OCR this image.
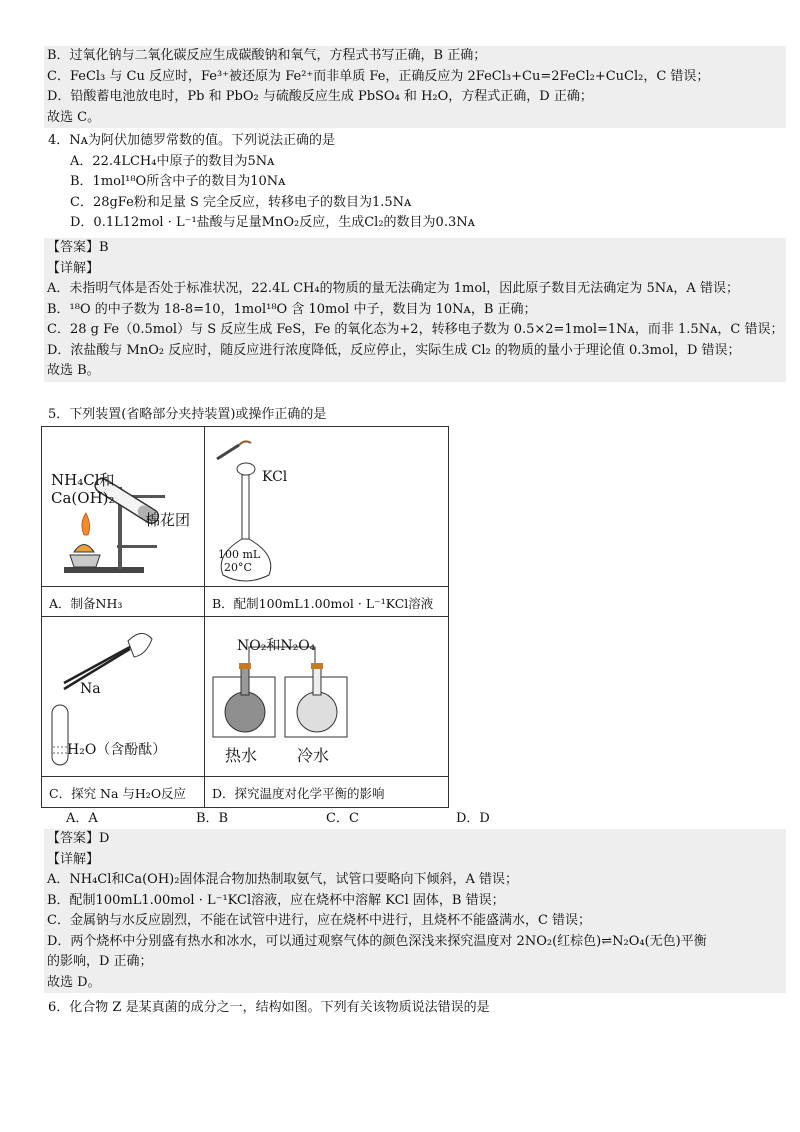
B．过氧化钠与二氧化碳反应生成碳酸钠和氧气，方程式书写正确，B 正确；
C．FeCl₃ 与 Cu 反应时，Fe³⁺被还原为 Fe²⁺而非单质 Fe，正确反应为 2FeCl₃+Cu=2FeCl₂+CuCl₂，C 错误；
D．铅酸蓄电池放电时，Pb 和 PbO₂ 与硫酸反应生成 PbSO₄ 和 H₂O，方程式正确，D 正确；
故选 C。
4．Nᴀ为阿伏加德罗常数的值。下列说法正确的是
A．22.4LCH₄中原子的数目为5Nᴀ
B．1mol¹⁸O所含中子的数目为10Nᴀ
C．28gFe粉和足量 S 完全反应，转移电子的数目为1.5Nᴀ
D．0.1L12mol · L⁻¹盐酸与足量MnO₂反应，生成Cl₂的数目为0.3Nᴀ
【答案】B
【详解】
A．未指明气体是否处于标准状况，22.4L CH₄的物质的量无法确定为 1mol，因此原子数目无法确定为 5Nᴀ，A 错误；
B．¹⁸O 的中子数为 18-8=10，1mol¹⁸O 含 10mol 中子，数目为 10Nᴀ，B 正确；
C．28 g Fe（0.5mol）与 S 反应生成 FeS，Fe 的氧化态为+2，转移电子数为 0.5×2=1mol=1Nᴀ，而非 1.5Nᴀ，C 错误；
D．浓盐酸与 MnO₂ 反应时，随反应进行浓度降低，反应停止，实际生成 Cl₂ 的物质的量小于理论值 0.3mol，D 错误；
故选 B。
5．下列装置(省略部分夹持装置)或操作正确的是
NH₄Cl和
Ca(OH)₂
棉花团
KCl
100 mL
20°C
A．制备NH₃	B．配制100mL1.00mol · L⁻¹KCl溶液
Na
H₂O（含酚酞）
NO₂和N₂O₄
热水 冷水
C．探究 Na 与H₂O反应 D．探究温度对化学平衡的影响
A．A	B．B	C．C	D．D
【答案】D
【详解】
A．NH₄Cl和Ca(OH)₂固体混合物加热制取氨气，试管口要略向下倾斜，A 错误；
B．配制100mL1.00mol · L⁻¹KCl溶液，应在烧杯中溶解 KCl 固体，B 错误；
C．金属钠与水反应剧烈，不能在试管中进行，应在烧杯中进行，且烧杯不能盛满水，C 错误；
D．两个烧杯中分别盛有热水和冰水，可以通过观察气体的颜色深浅来探究温度对 2NO₂(红棕色)⇌N₂O₄(无色)平衡
的影响，D 正确；
故选 D。
6．化合物 Z 是某真菌的成分之一，结构如图。下列有关该物质说法错误的是
